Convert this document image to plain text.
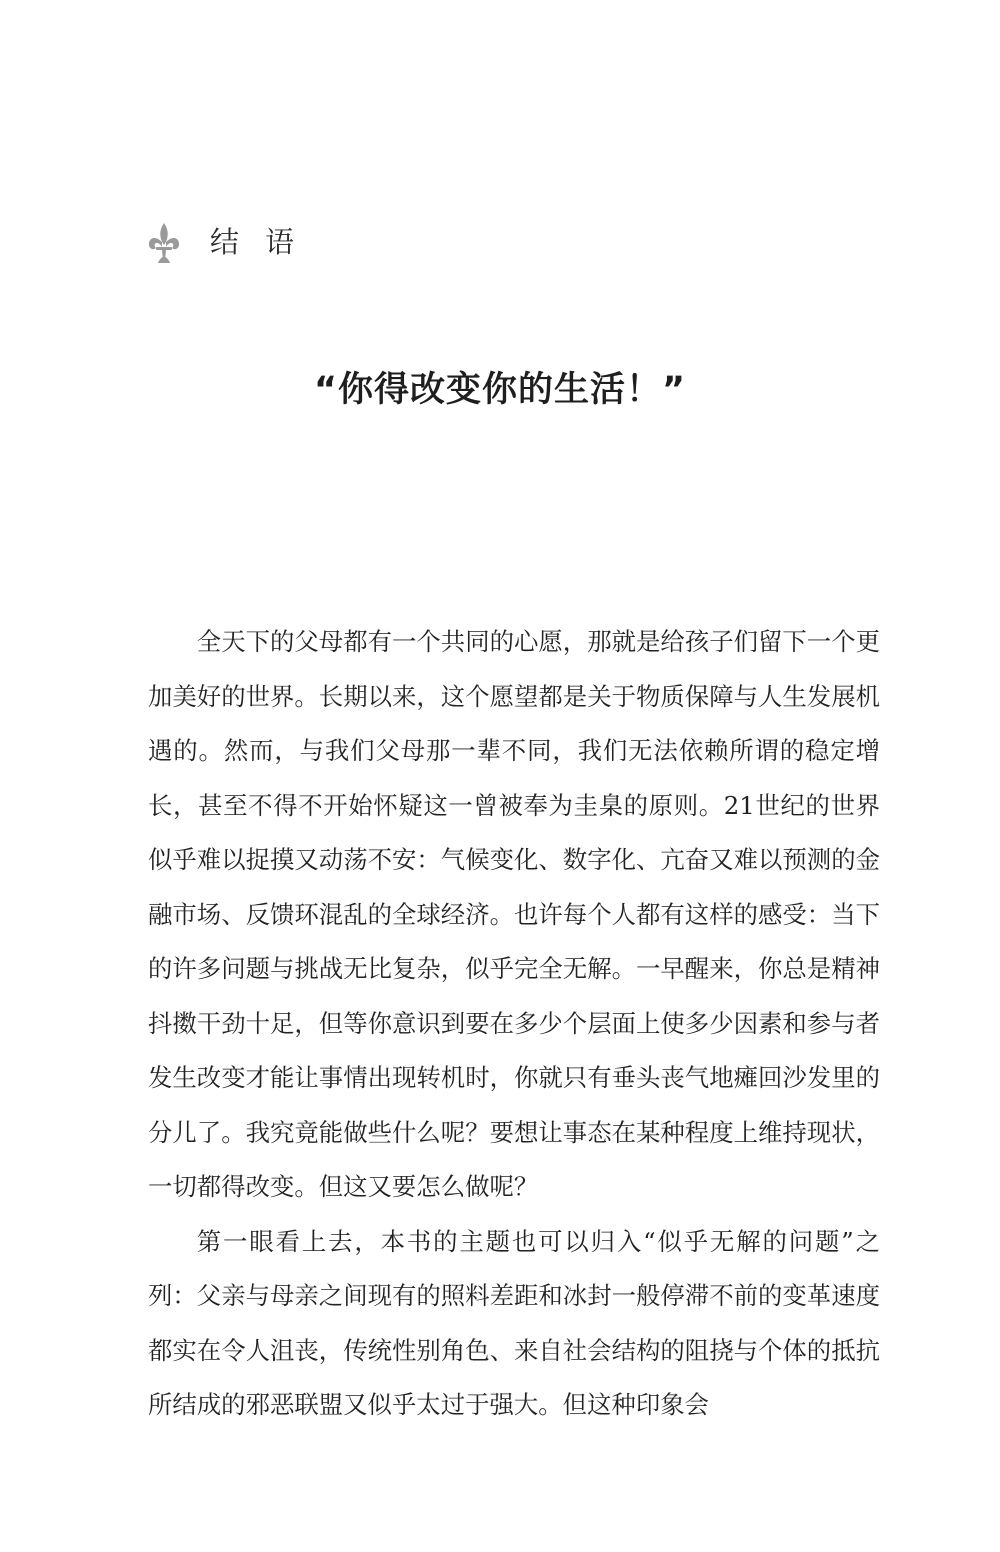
结语
“你得改变你的生活！”

全天下的父母都有一个共同的心愿，那就是给孩子们留下一个更加美好的世界。长期以来，这个愿望都是关于物质保障与人生发展机遇的。然而，与我们父母那一辈不同，我们无法依赖所谓的稳定增长，甚至不得不开始怀疑这一曾被奉为圭臬的原则。21世纪的世界似乎难以捉摸又动荡不安：气候变化、数字化、亢奋又难以预测的金融市场、反馈环混乱的全球经济。也许每个人都有这样的感受：当下的许多问题与挑战无比复杂，似乎完全无解。一早醒来，你总是精神抖擞干劲十足，但等你意识到要在多少个层面上使多少因素和参与者发生改变才能让事情出现转机时，你就只有垂头丧气地瘫回沙发里的分儿了。我究竟能做些什么呢？要想让事态在某种程度上维持现状，一切都得改变。但这又要怎么做呢？

第一眼看上去，本书的主题也可以归入“似乎无解的问题”之列：父亲与母亲之间现有的照料差距和冰封一般停滞不前的变革速度都实在令人沮丧，传统性别角色、来自社会结构的阻挠与个体的抵抗所结成的邪恶联盟又似乎太过于强大。但这种印象会
